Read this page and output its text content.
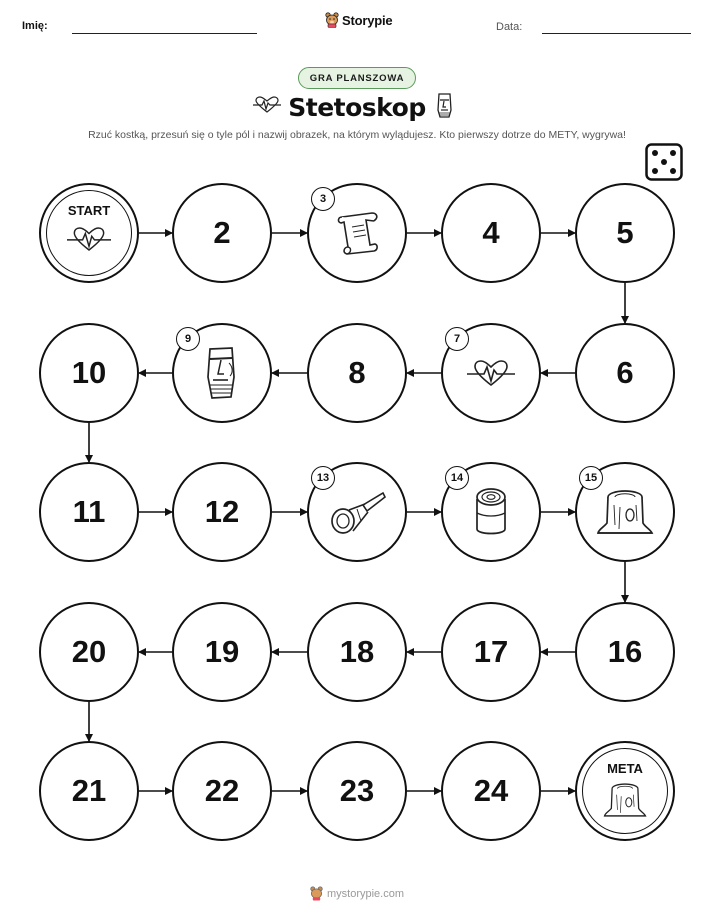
Imię:	Storypie	Data:
GRA PLANSZOWA
Stetoskop
Rzuć kostką, przesuń się o tyle pól i nazwij obrazek, na którym wylądujesz. Kto pierwszy dotrze do METY, wygrywa!
START
2
3
4	5
6
7
8
9
10
11	12
13	14	15
16
17
18
19
20
21	22	23	24
META
mystorypie.com
